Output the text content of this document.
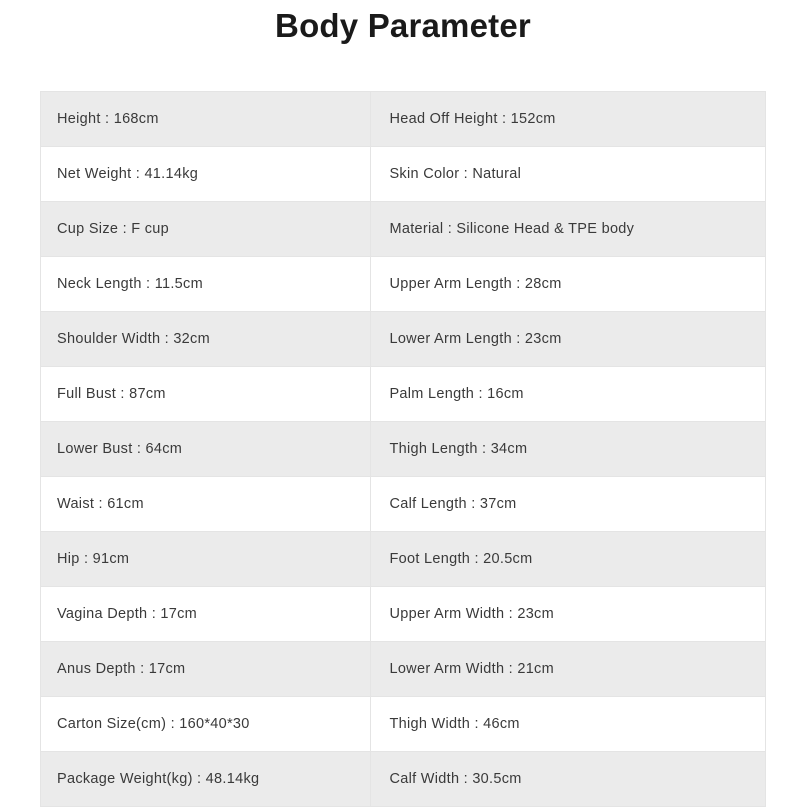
Body Parameter
Height : 168cm	Head Off Height : 152cm
Net Weight : 41.14kg	Skin Color : Natural
Cup Size : F cup	Material : Silicone Head & TPE body
Neck Length : 11.5cm	Upper Arm Length : 28cm
Shoulder Width : 32cm	Lower Arm Length : 23cm
Full Bust : 87cm	Palm Length : 16cm
Lower Bust : 64cm	Thigh Length : 34cm
Waist : 61cm	Calf Length : 37cm
Hip : 91cm	Foot Length : 20.5cm
Vagina Depth : 17cm	Upper Arm Width : 23cm
Anus Depth : 17cm	Lower Arm Width : 21cm
Carton Size(cm) : 160*40*30	Thigh Width : 46cm
Package Weight(kg) : 48.14kg	Calf Width : 30.5cm
